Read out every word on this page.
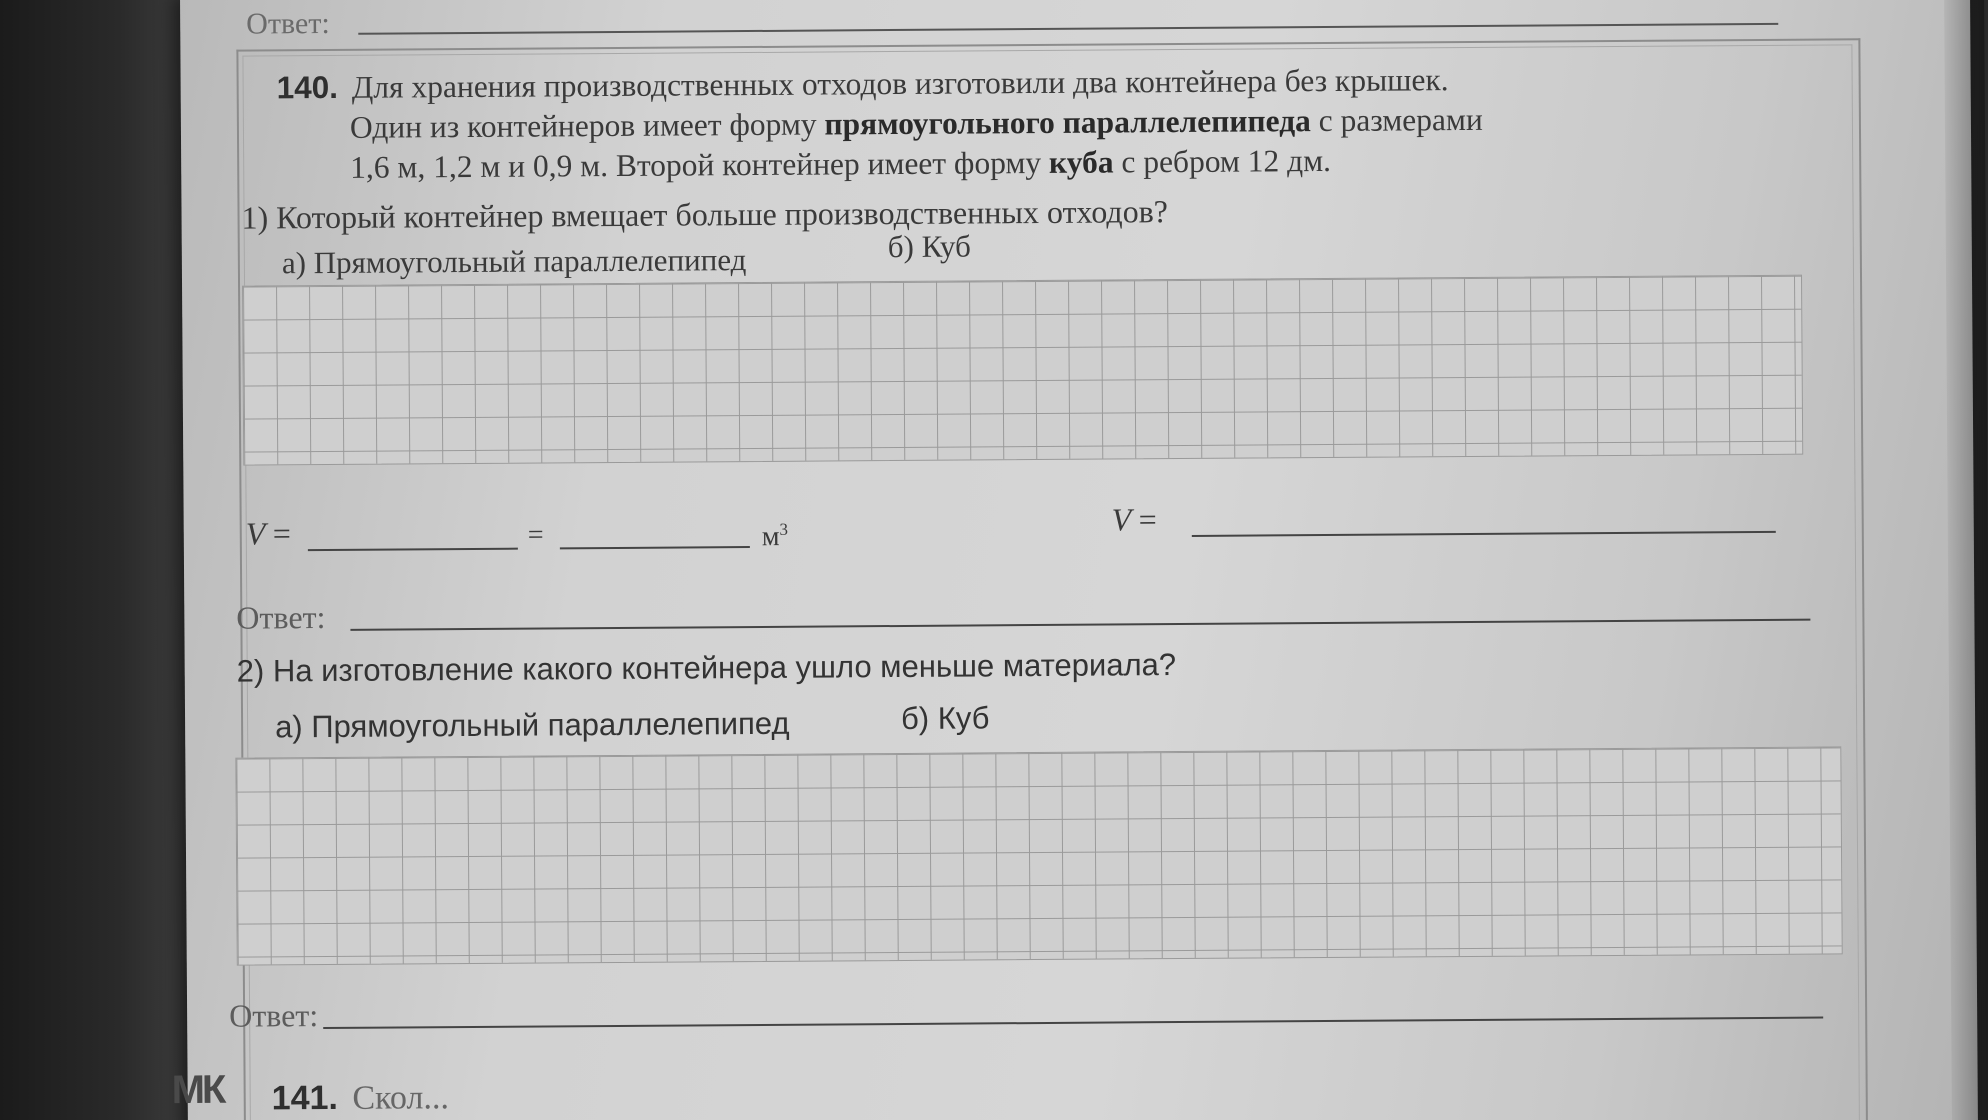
Ответ:
140. Для хранения производственных отходов изготовили два контейнера без крышек.
Один из контейнеров имеет форму прямоугольного параллелепипеда с размерами
1,6 м, 1,2 м и 0,9 м. Второй контейнер имеет форму куба с ребром 12 дм.
1) Который контейнер вмещает больше производственных отходов?
а) Прямоугольный параллелепипед	б) Куб
V =	=	$м^3$	V =
Ответ:
2) На изготовление какого контейнера ушло меньше материала?
а) Прямоугольный параллелепипед	б) Куб
Ответ:
МК 141. Скол...
